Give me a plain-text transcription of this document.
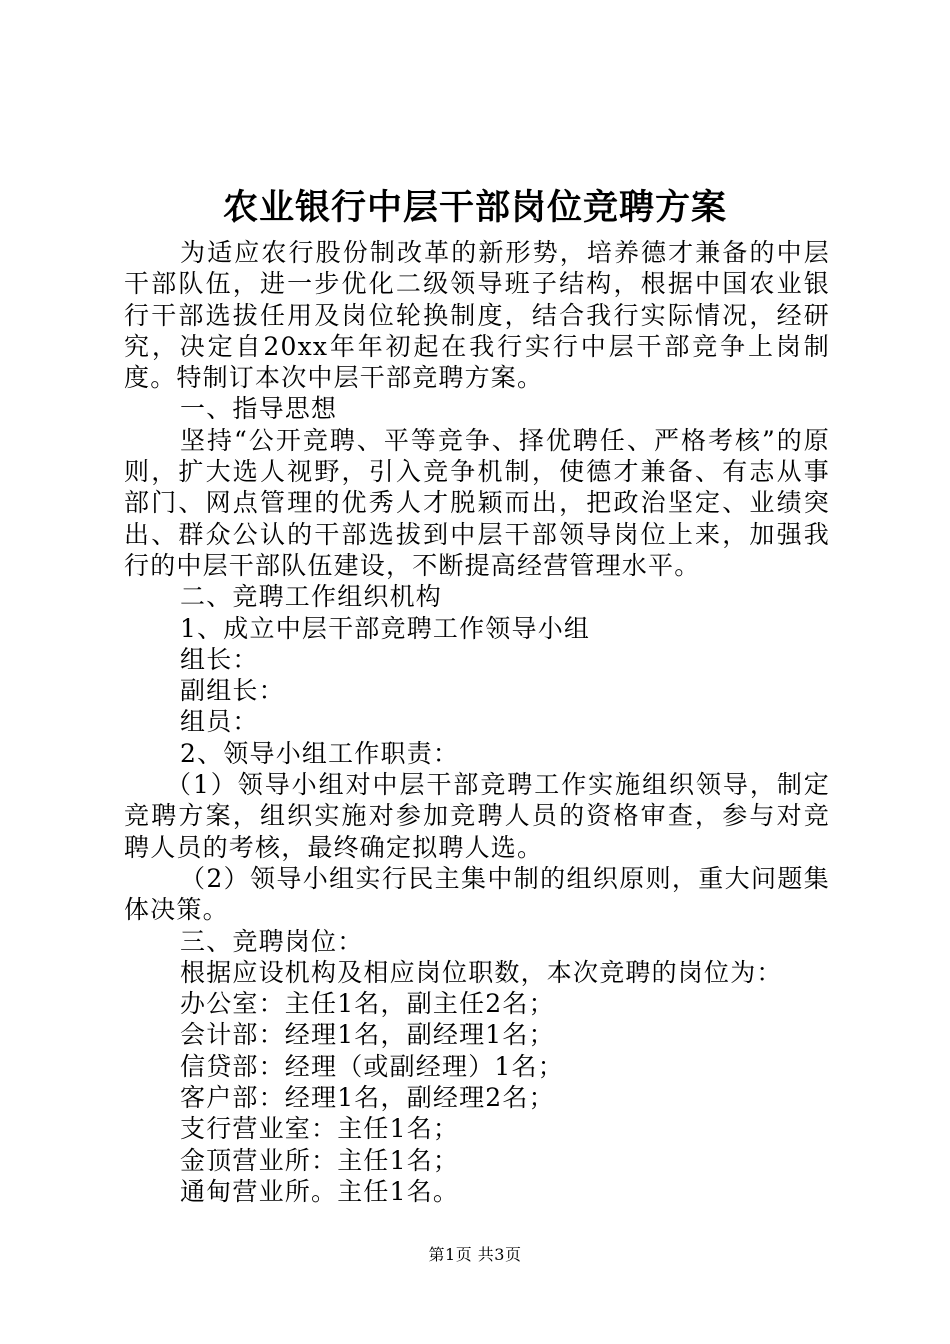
农业银行中层干部岗位竞聘方案

为适应农行股份制改革的新形势，培养德才兼备的中层干部队伍，进一步优化二级领导班子结构，根据中国农业银行干部选拔任用及岗位轮换制度，结合我行实际情况，经研究，决定自20xx年年初起在我行实行中层干部竞争上岗制度。特制订本次中层干部竞聘方案。

一、指导思想

坚持“公开竞聘、平等竞争、择优聘任、严格考核”的原则，扩大选人视野，引入竞争机制，使德才兼备、有志从事部门、网点管理的优秀人才脱颖而出，把政治坚定、业绩突出、群众公认的干部选拔到中层干部领导岗位上来，加强我行的中层干部队伍建设，不断提高经营管理水平。

二、竞聘工作组织机构

1、成立中层干部竞聘工作领导小组

组长：

副组长：

组员：

2、领导小组工作职责：

（1）领导小组对中层干部竞聘工作实施组织领导，制定竞聘方案，组织实施对参加竞聘人员的资格审查，参与对竞聘人员的考核，最终确定拟聘人选。

（2）领导小组实行民主集中制的组织原则，重大问题集体决策。

三、竞聘岗位：

根据应设机构及相应岗位职数，本次竞聘的岗位为：

办公室：主任1名，副主任2名；

会计部：经理1名，副经理1名；

信贷部：经理（或副经理）1名；

客户部：经理1名，副经理2名；

支行营业室：主任1名；

金顶营业所：主任1名；

通甸营业所。主任1名。

第1页 共3页
